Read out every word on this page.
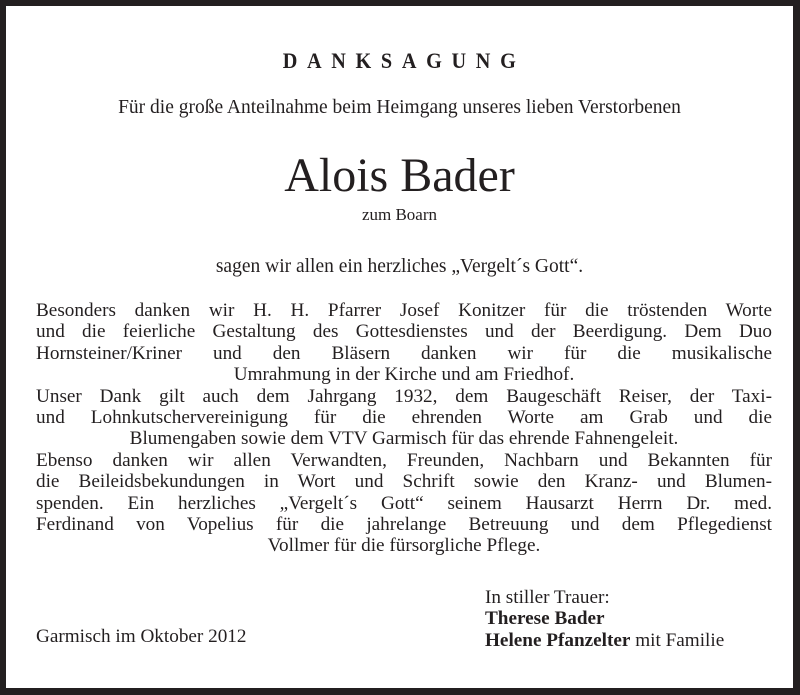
DANKSAGUNG
Für die große Anteilnahme beim Heimgang unseres lieben Verstorbenen
Alois Bader
zum Boarn
sagen wir allen ein herzliches „Vergelt´s Gott“.
Besonders danken wir H. H. Pfarrer Josef Konitzer für die tröstenden Worte
und die feierliche Gestaltung des Gottesdienstes und der Beerdigung. Dem Duo
Hornsteiner/Kriner und den Bläsern danken wir für die musikalische
Umrahmung in der Kirche und am Friedhof.
Unser Dank gilt auch dem Jahrgang 1932, dem Baugeschäft Reiser, der Taxi-
und Lohnkutschervereinigung für die ehrenden Worte am Grab und die
Blumengaben sowie dem VTV Garmisch für das ehrende Fahnengeleit.
Ebenso danken wir allen Verwandten, Freunden, Nachbarn und Bekannten für
die Beileidsbekundungen in Wort und Schrift sowie den Kranz- und Blumen-
spenden. Ein herzliches „Vergelt´s Gott“ seinem Hausarzt Herrn Dr. med.
Ferdinand von Vopelius für die jahrelange Betreuung und dem Pflegedienst
Vollmer für die fürsorgliche Pflege.
Garmisch im Oktober 2012
In stiller Trauer:
Therese Bader
Helene Pfanzelter mit Familie
